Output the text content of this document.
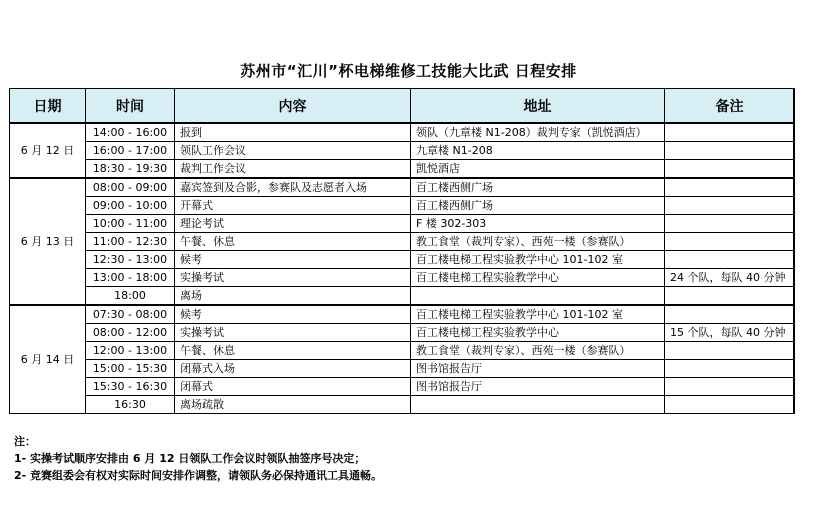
苏州市“汇川”杯电梯维修工技能大比武 日程安排
日期	时间	内容	地址	备注
6 月 12 日	14:00 - 16:00	报到	领队（九章楼 N1-208）裁判专家（凯悦酒店）	
	16:00 - 17:00	领队工作会议	九章楼 N1-208	
	18:30 - 19:30	裁判工作会议	凯悦酒店	
6 月 13 日	08:00 - 09:00	嘉宾签到及合影，参赛队及志愿者入场	百工楼西侧广场	
	09:00 - 10:00	开幕式	百工楼西侧广场	
	10:00 - 11:00	理论考试	F 楼 302-303	
	11:00 - 12:30	午餐、休息	教工食堂（裁判专家）、西苑一楼（参赛队）	
	12:30 - 13:00	候考	百工楼电梯工程实验教学中心 101-102 室	
	13:00 - 18:00	实操考试	百工楼电梯工程实验教学中心	24 个队，每队 40 分钟
	18:00	离场		
6 月 14 日	07:30 - 08:00	候考	百工楼电梯工程实验教学中心 101-102 室	
	08:00 - 12:00	实操考试	百工楼电梯工程实验教学中心	15 个队，每队 40 分钟
	12:00 - 13:00	午餐、休息	教工食堂（裁判专家）、西苑一楼（参赛队）	
	15:00 - 15:30	闭幕式入场	图书馆报告厅	
	15:30 - 16:30	闭幕式	图书馆报告厅	
	16:30	离场疏散		
注：
1- 实操考试顺序安排由 6 月 12 日领队工作会议时领队抽签序号决定；
2- 竞赛组委会有权对实际时间安排作调整，请领队务必保持通讯工具通畅。
